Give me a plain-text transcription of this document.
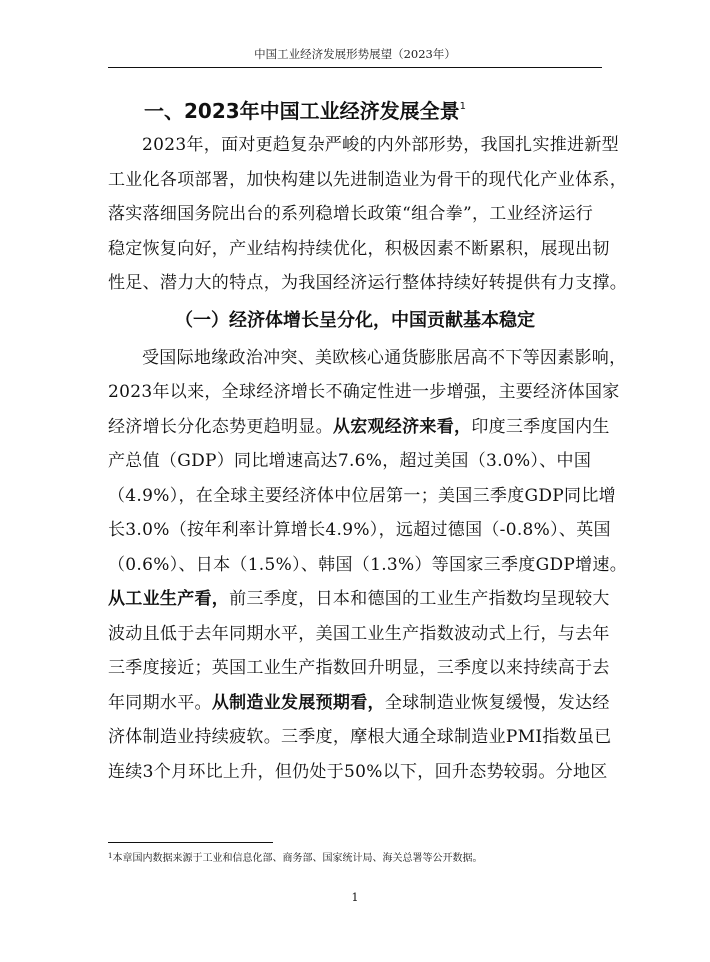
中国工业经济发展形势展望（2023年）
一、2023年中国工业经济发展全景$^1$
2023年，面对更趋复杂严峻的内外部形势，我国扎实推进新型
工业化各项部署，加快构建以先进制造业为骨干的现代化产业体系，
落实落细国务院出台的系列稳增长政策“组合拳”，工业经济运行
稳定恢复向好，产业结构持续优化，积极因素不断累积，展现出韧
性足、潜力大的特点，为我国经济运行整体持续好转提供有力支撑。
（一）经济体增长呈分化，中国贡献基本稳定
受国际地缘政治冲突、美欧核心通货膨胀居高不下等因素影响，
2023年以来，全球经济增长不确定性进一步增强，主要经济体国家
经济增长分化态势更趋明显。从宏观经济来看，印度三季度国内生
产总值（GDP）同比增速高达7.6%，超过美国（3.0%）、中国
（4.9%），在全球主要经济体中位居第一；美国三季度GDP同比增
长3.0%（按年利率计算增长4.9%），远超过德国（-0.8%）、英国
（0.6%）、日本（1.5%）、韩国（1.3%）等国家三季度GDP增速。
从工业生产看，前三季度，日本和德国的工业生产指数均呈现较大
波动且低于去年同期水平，美国工业生产指数波动式上行，与去年
三季度接近；英国工业生产指数回升明显，三季度以来持续高于去
年同期水平。从制造业发展预期看，全球制造业恢复缓慢，发达经
济体制造业持续疲软。三季度，摩根大通全球制造业PMI指数虽已
连续3个月环比上升，但仍处于50%以下，回升态势较弱。分地区
$^1$本章国内数据来源于工业和信息化部、商务部、国家统计局、海关总署等公开数据。
1
